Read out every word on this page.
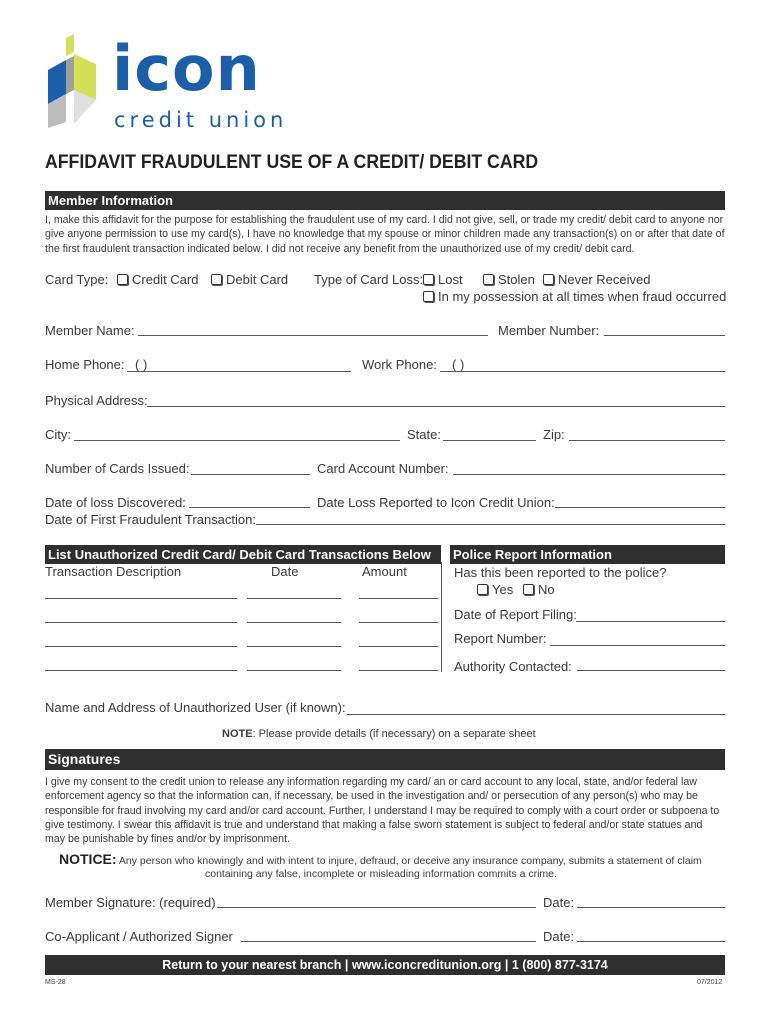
icon
credit union
AFFIDAVIT FRAUDULENT USE OF A CREDIT/ DEBIT CARD
Member Information
I, make this affidavit for the purpose for establishing the fraudulent use of my card. I did not give, sell, or trade my credit/ debit card to anyone nor give anyone permission to use my card(s), I have no knowledge that my spouse or minor children made any transaction(s) on or after that date of the first fraudulent transaction indicated below. I did not receive any benefit from the unauthorized use of my credit/ debit card.
Card Type:	Credit Card	Debit Card Type of Card Loss:	Lost	Stolen	Never Received
In my possession at all times when fraud occurred
Member Name:	Member Number:
Home Phone: ( )	Work Phone: ( )
Physical Address:
City:	State:	Zip:
Number of Cards Issued:	Card Account Number:
Date of loss Discovered:	Date Loss Reported to Icon Credit Union:
Date of First Fraudulent Transaction:
List Unauthorized Credit Card/ Debit Card Transactions Below
Transaction Description	Date	Amount
Police Report Information
Has this been reported to the police?
Yes	No
Date of Report Filing:
Report Number:
Authority Contacted:
Name and Address of Unauthorized User (if known):
NOTE: Please provide details (if necessary) on a separate sheet
Signatures
I give my consent to the credit union to release any information regarding my card/ an or card account to any local, state, and/or federal law enforcement agency so that the information can, if necessary, be used in the investigation and/ or persecution of any person(s) who may be responsible for fraud involving my card and/or card account. Further, I understand I may be required to comply with a court order or subpoena to give testimony. I swear this affidavit is true and understand that making a false sworn statement is subject to federal and/or state statues and may be punishable by fines and/or by imprisonment.
NOTICE: Any person who knowingly and with intent to injure, defraud, or deceive any insurance company, submits a statement of claim
containing any false, incomplete or misleading information commits a crime.
Member Signature: (required)	Date:
Co-Applicant / Authorized Signer	Date:
Return to your nearest branch | www.iconcreditunion.org | 1 (800) 877-3174
MS-28	07/2012
